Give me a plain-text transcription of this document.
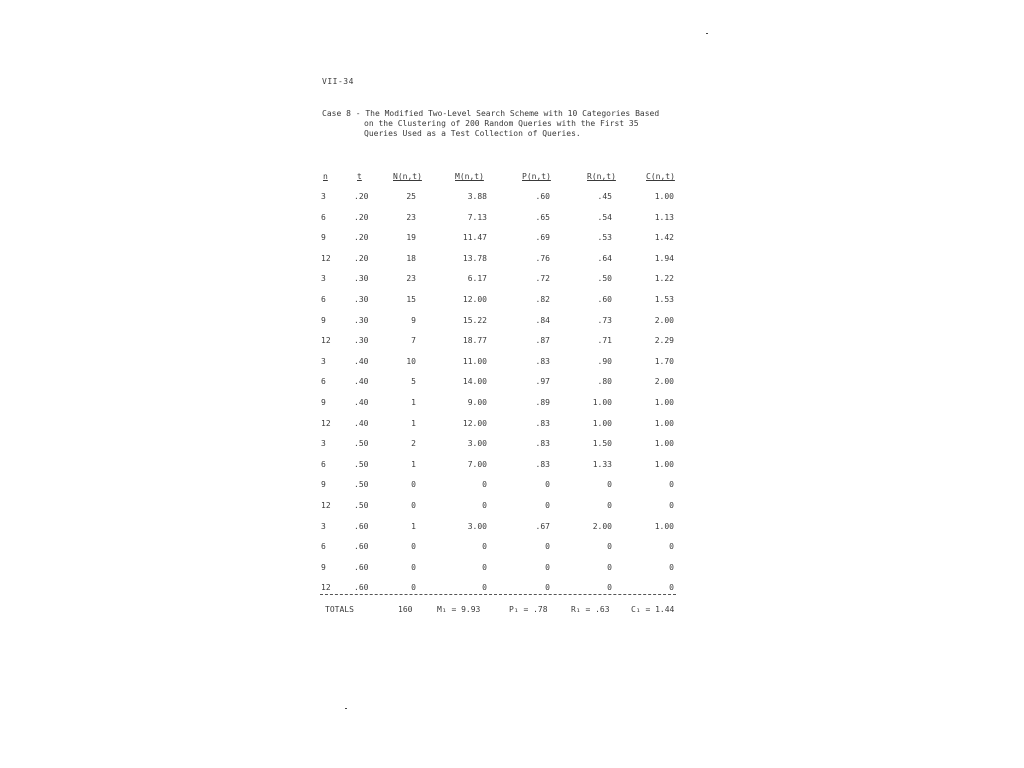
VII-34
Case 8 - The Modified Two-Level Search Scheme with 10 Categories Based
on the Clustering of 200 Random Queries with the First 35
Queries Used as a Test Collection of Queries.
n	t	N(n,t)	M(n,t)	P(n,t)	R(n,t)	C(n,t)
3	.20	25	3.88	.60	.45	1.00
6	.20	23	7.13	.65	.54	1.13
9	.20	19	11.47	.69	.53	1.42
12	.20	18	13.78	.76	.64	1.94
3	.30	23	6.17	.72	.50	1.22
6	.30	15	12.00	.82	.60	1.53
9	.30	9	15.22	.84	.73	2.00
12	.30	7	18.77	.87	.71	2.29
3	.40	10	11.00	.83	.90	1.70
6	.40	5	14.00	.97	.80	2.00
9	.40	1	9.00	.89	1.00	1.00
12	.40	1	12.00	.83	1.00	1.00
3	.50	2	3.00	.83	1.50	1.00
6	.50	1	7.00	.83	1.33	1.00
9	.50	0	0	0	0	0
12	.50	0	0	0	0	0
3	.60	1	3.00	.67	2.00	1.00
6	.60	0	0	0	0	0
9	.60	0	0	0	0	0
12	.60	0	0	0	0	0
TOTALS	160	M₁ = 9.93	P₁ = .78	R₁ = .63	C₁ = 1.44
